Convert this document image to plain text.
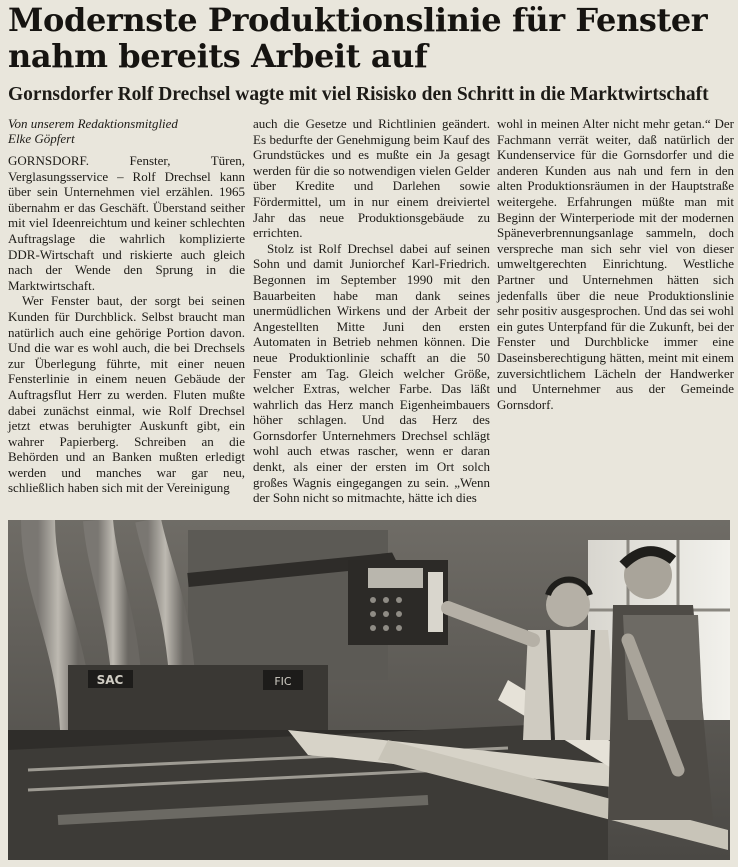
Modernste Produktionslinie für Fenster nahm bereits Arbeit auf
Gornsdorfer Rolf Drechsel wagte mit viel Risisko den Schritt in die Marktwirtschaft
Von unserem Redaktionsmitglied
Elke Göpfert

GORNSDORF. Fenster, Türen, Verglasungsservice – Rolf Drechsel kann über sein Unternehmen viel erzählen. 1965 übernahm er das Geschäft. Überstand seither mit viel Ideenreichtum und keiner schlechten Auftragslage die wahrlich komplizierte DDR-Wirtschaft und riskierte auch gleich nach der Wende den Sprung in die Marktwirtschaft.

Wer Fenster baut, der sorgt bei seinen Kunden für Durchblick. Selbst braucht man natürlich auch eine gehörige Portion davon. Und die war es wohl auch, die bei Drechsels zur Überlegung führte, mit einer neuen Fensterlinie in einem neuen Gebäude der Auftragsflut Herr zu werden. Fluten mußte dabei zunächst einmal, wie Rolf Drechsel jetzt etwas beruhigter Auskunft gibt, ein wahrer Papierberg. Schreiben an die Behörden und an Banken mußten erledigt werden und manches war gar neu, schließlich haben sich mit der Vereinigung

auch die Gesetze und Richtlinien geändert. Es bedurfte der Genehmigung beim Kauf des Grundstückes und es mußte ein Ja gesagt werden für die so notwendigen vielen Gelder über Kredite und Darlehen sowie Fördermittel, um in nur einem dreiviertel Jahr das neue Produktionsgebäude zu errichten.

Stolz ist Rolf Drechsel dabei auf seinen Sohn und damit Juniorchef Karl-Friedrich. Begonnen im September 1990 mit den Bauarbeiten habe man dank seines unermüdlichen Wirkens und der Arbeit der Angestellten Mitte Juni den ersten Automaten in Betrieb nehmen können. Die neue Produktionlinie schafft an die 50 Fenster am Tag. Gleich welcher Größe, welcher Extras, welcher Farbe. Das läßt wahrlich das Herz manch Eigenheimbauers höher schlagen. Und das Herz des Gornsdorfer Unternehmers Drechsel schlägt wohl auch etwas rascher, wenn er daran denkt, als einer der ersten im Ort solch großes Wagnis eingegangen zu sein. „Wenn der Sohn nicht so mitmachte, hätte ich dies

wohl in meinen Alter nicht mehr getan.“ Der Fachmann verrät weiter, daß natürlich der Kundenservice für die Gornsdorfer und die anderen Kunden aus nah und fern in den alten Produktionsräumen in der Hauptstraße weitergehe. Erfahrungen müßte man mit Beginn der Winterperiode mit der modernen Späneverbrennungsanlage sammeln, doch verspreche man sich sehr viel von dieser umweltgerechten Einrichtung. Westliche Partner und Unternehmen hätten sich jedenfalls über die neue Produktionslinie sehr positiv ausgesprochen. Und das sei wohl ein gutes Unterpfand für die Zukunft, bei der Fenster und Durchblicke immer eine Daseinsberechtigung hätten, meint mit einem zuversichtlichem Lächeln der Handwerker und Unternehmer aus der Gemeinde Gornsdorf.

SAC	FIC
